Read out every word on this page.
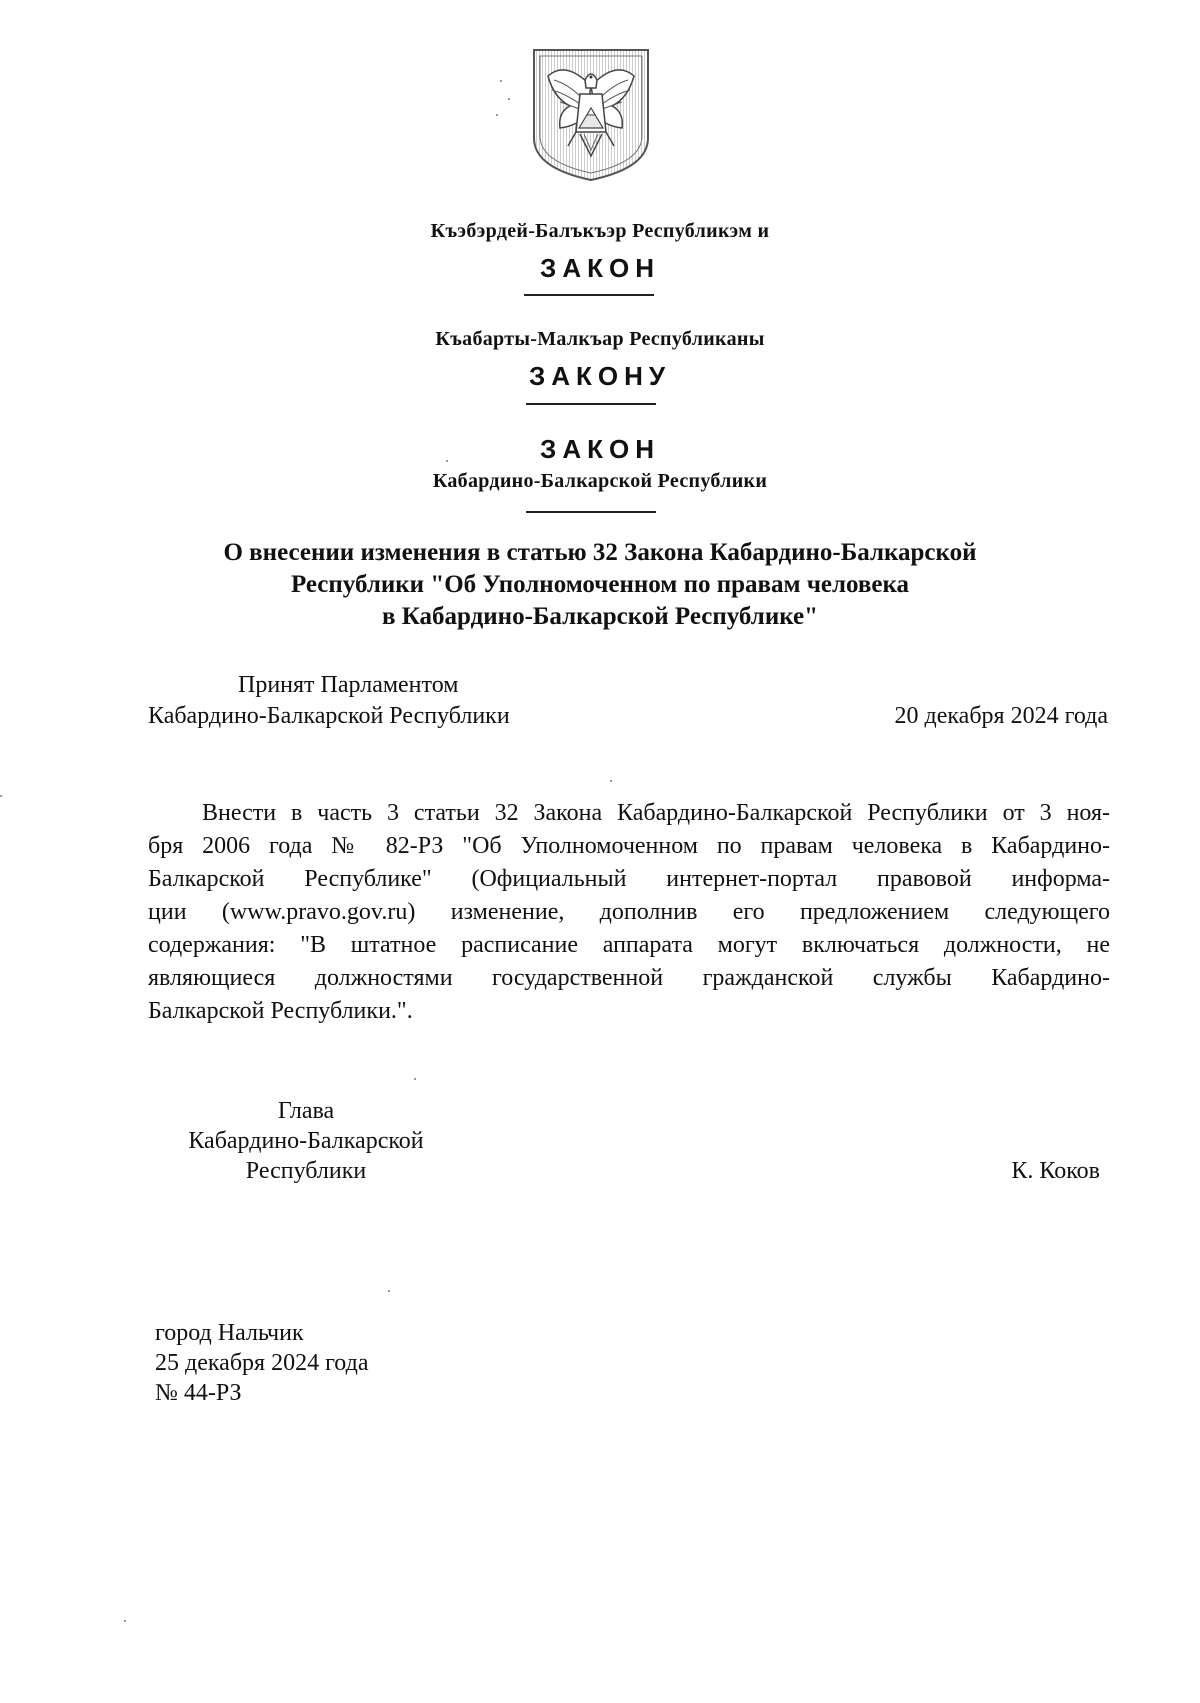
Къэбэрдей-Балъкъэр Республикэм и
ЗАКОН
Къабарты-Малкъар Республиканы
ЗАКОНУ
ЗАКОН
Кабардино-Балкарской Республики
О внесении изменения в статью 32 Закона Кабардино-Балкарской
Республики "Об Уполномоченном по правам человека
в Кабардино-Балкарской Республике"
Принят Парламентом
Кабардино-Балкарской Республики	20 декабря 2024 года
Внести в часть 3 статьи 32 Закона Кабардино-Балкарской Республики от 3 ноя-
бря 2006 года № 82-РЗ "Об Уполномоченном по правам человека в Кабардино-
Балкарской Республике" (Официальный интернет-портал правовой информа-
ции (www.pravo.gov.ru) изменение, дополнив его предложением следующего
содержания: "В штатное расписание аппарата могут включаться должности, не
являющиеся должностями государственной гражданской службы Кабардино-
Балкарской Республики.".
Глава
Кабардино-Балкарской
Республики	К. Коков
город Нальчик
25 декабря 2024 года
№ 44-РЗ
